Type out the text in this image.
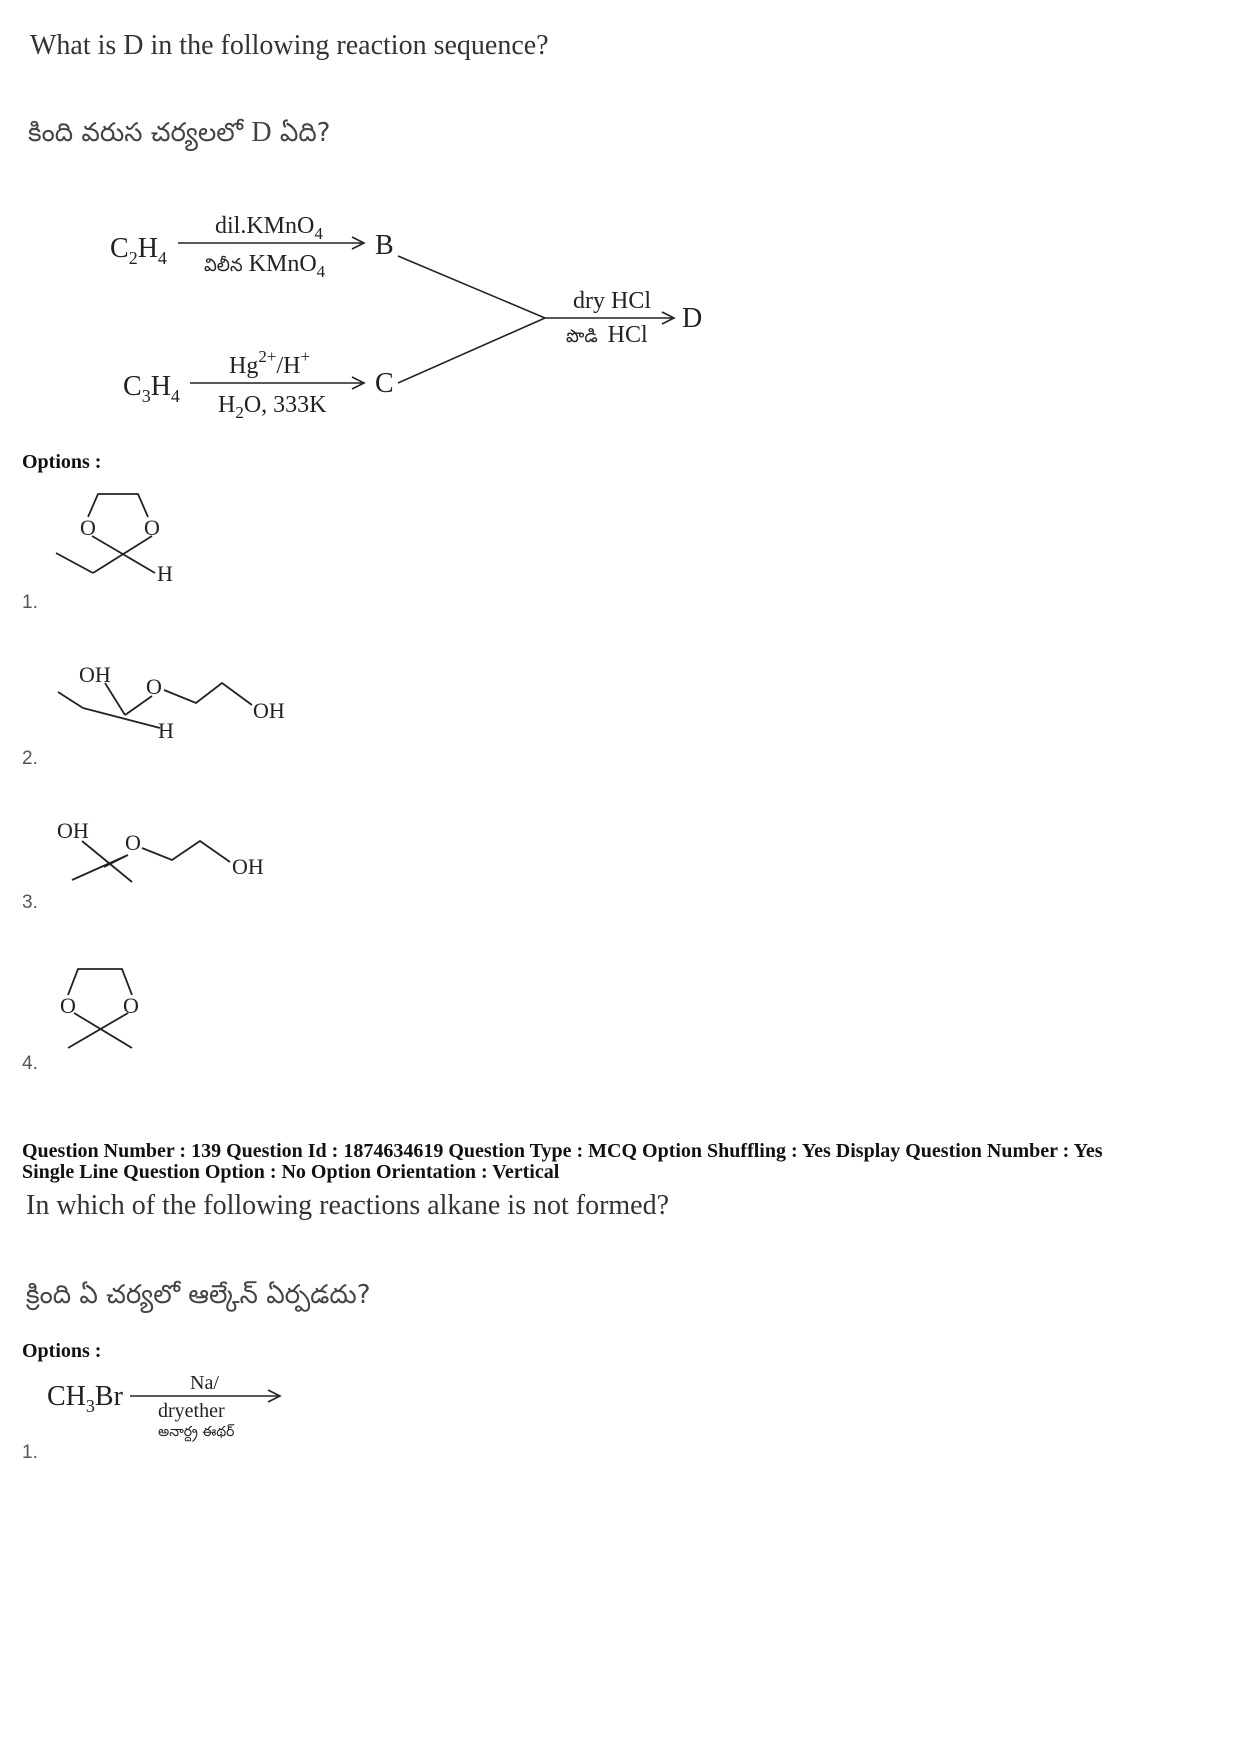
What is D in the following reaction sequence?
కింది వరుస చర్యలలో D ఏది?
$C_2H_4$
dil.KMnO$_4$
విలీన KMnO$_4$
B
$C_3H_4$
$Hg^{2+}/H^+$
$H_2O$, 333K
C
dry HCl
పొడి HCl
D
Options :
O O
H
1.
OH O
H
OH
2.
OH O
OH
3.
O O
4.
Question Number : 139 Question Id : 1874634619 Question Type : MCQ Option Shuffling : Yes Display Question Number : Yes
Single Line Question Option : No Option Orientation : Vertical
In which of the following reactions alkane is not formed?
క్రింది ఏ చర్యలో ఆల్కేన్ ఏర్పడదు?
Options :
$CH_3Br$	Na/
dryether
అనార్ద్ర ఈథర్
1.
